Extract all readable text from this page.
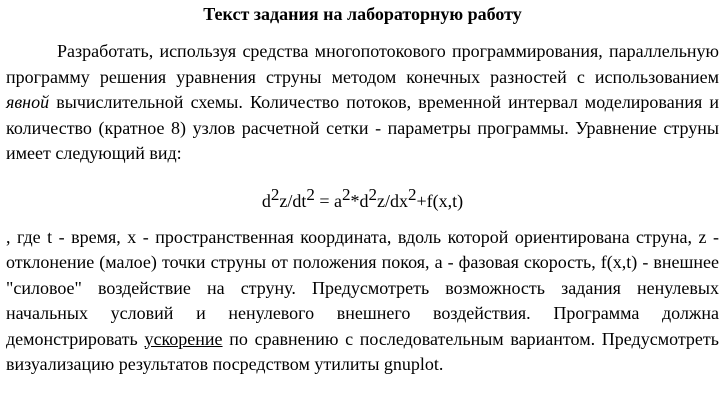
Текст задания на лабораторную работу

Разработать, используя средства многопотокового программирования, параллельную программу решения уравнения струны методом конечных разностей с использованием явной вычислительной схемы. Количество потоков, временной интервал моделирования и количество (кратное 8) узлов расчетной сетки - параметры программы. Уравнение струны имеет следующий вид:

$d^2z/dt^2 = a^2*d^2z/dx^2+f(x,t)$

, где t - время, x - пространственная координата, вдоль которой ориентирована струна, z - отклонение (малое) точки струны от положения покоя, a - фазовая скорость, f(x,t) - внешнее "силовое" воздействие на струну. Предусмотреть возможность задания ненулевых начальных условий и ненулевого внешнего воздействия. Программа должна демонстрировать ускорение по сравнению с последовательным вариантом. Предусмотреть визуализацию результатов посредством утилиты gnuplot.
